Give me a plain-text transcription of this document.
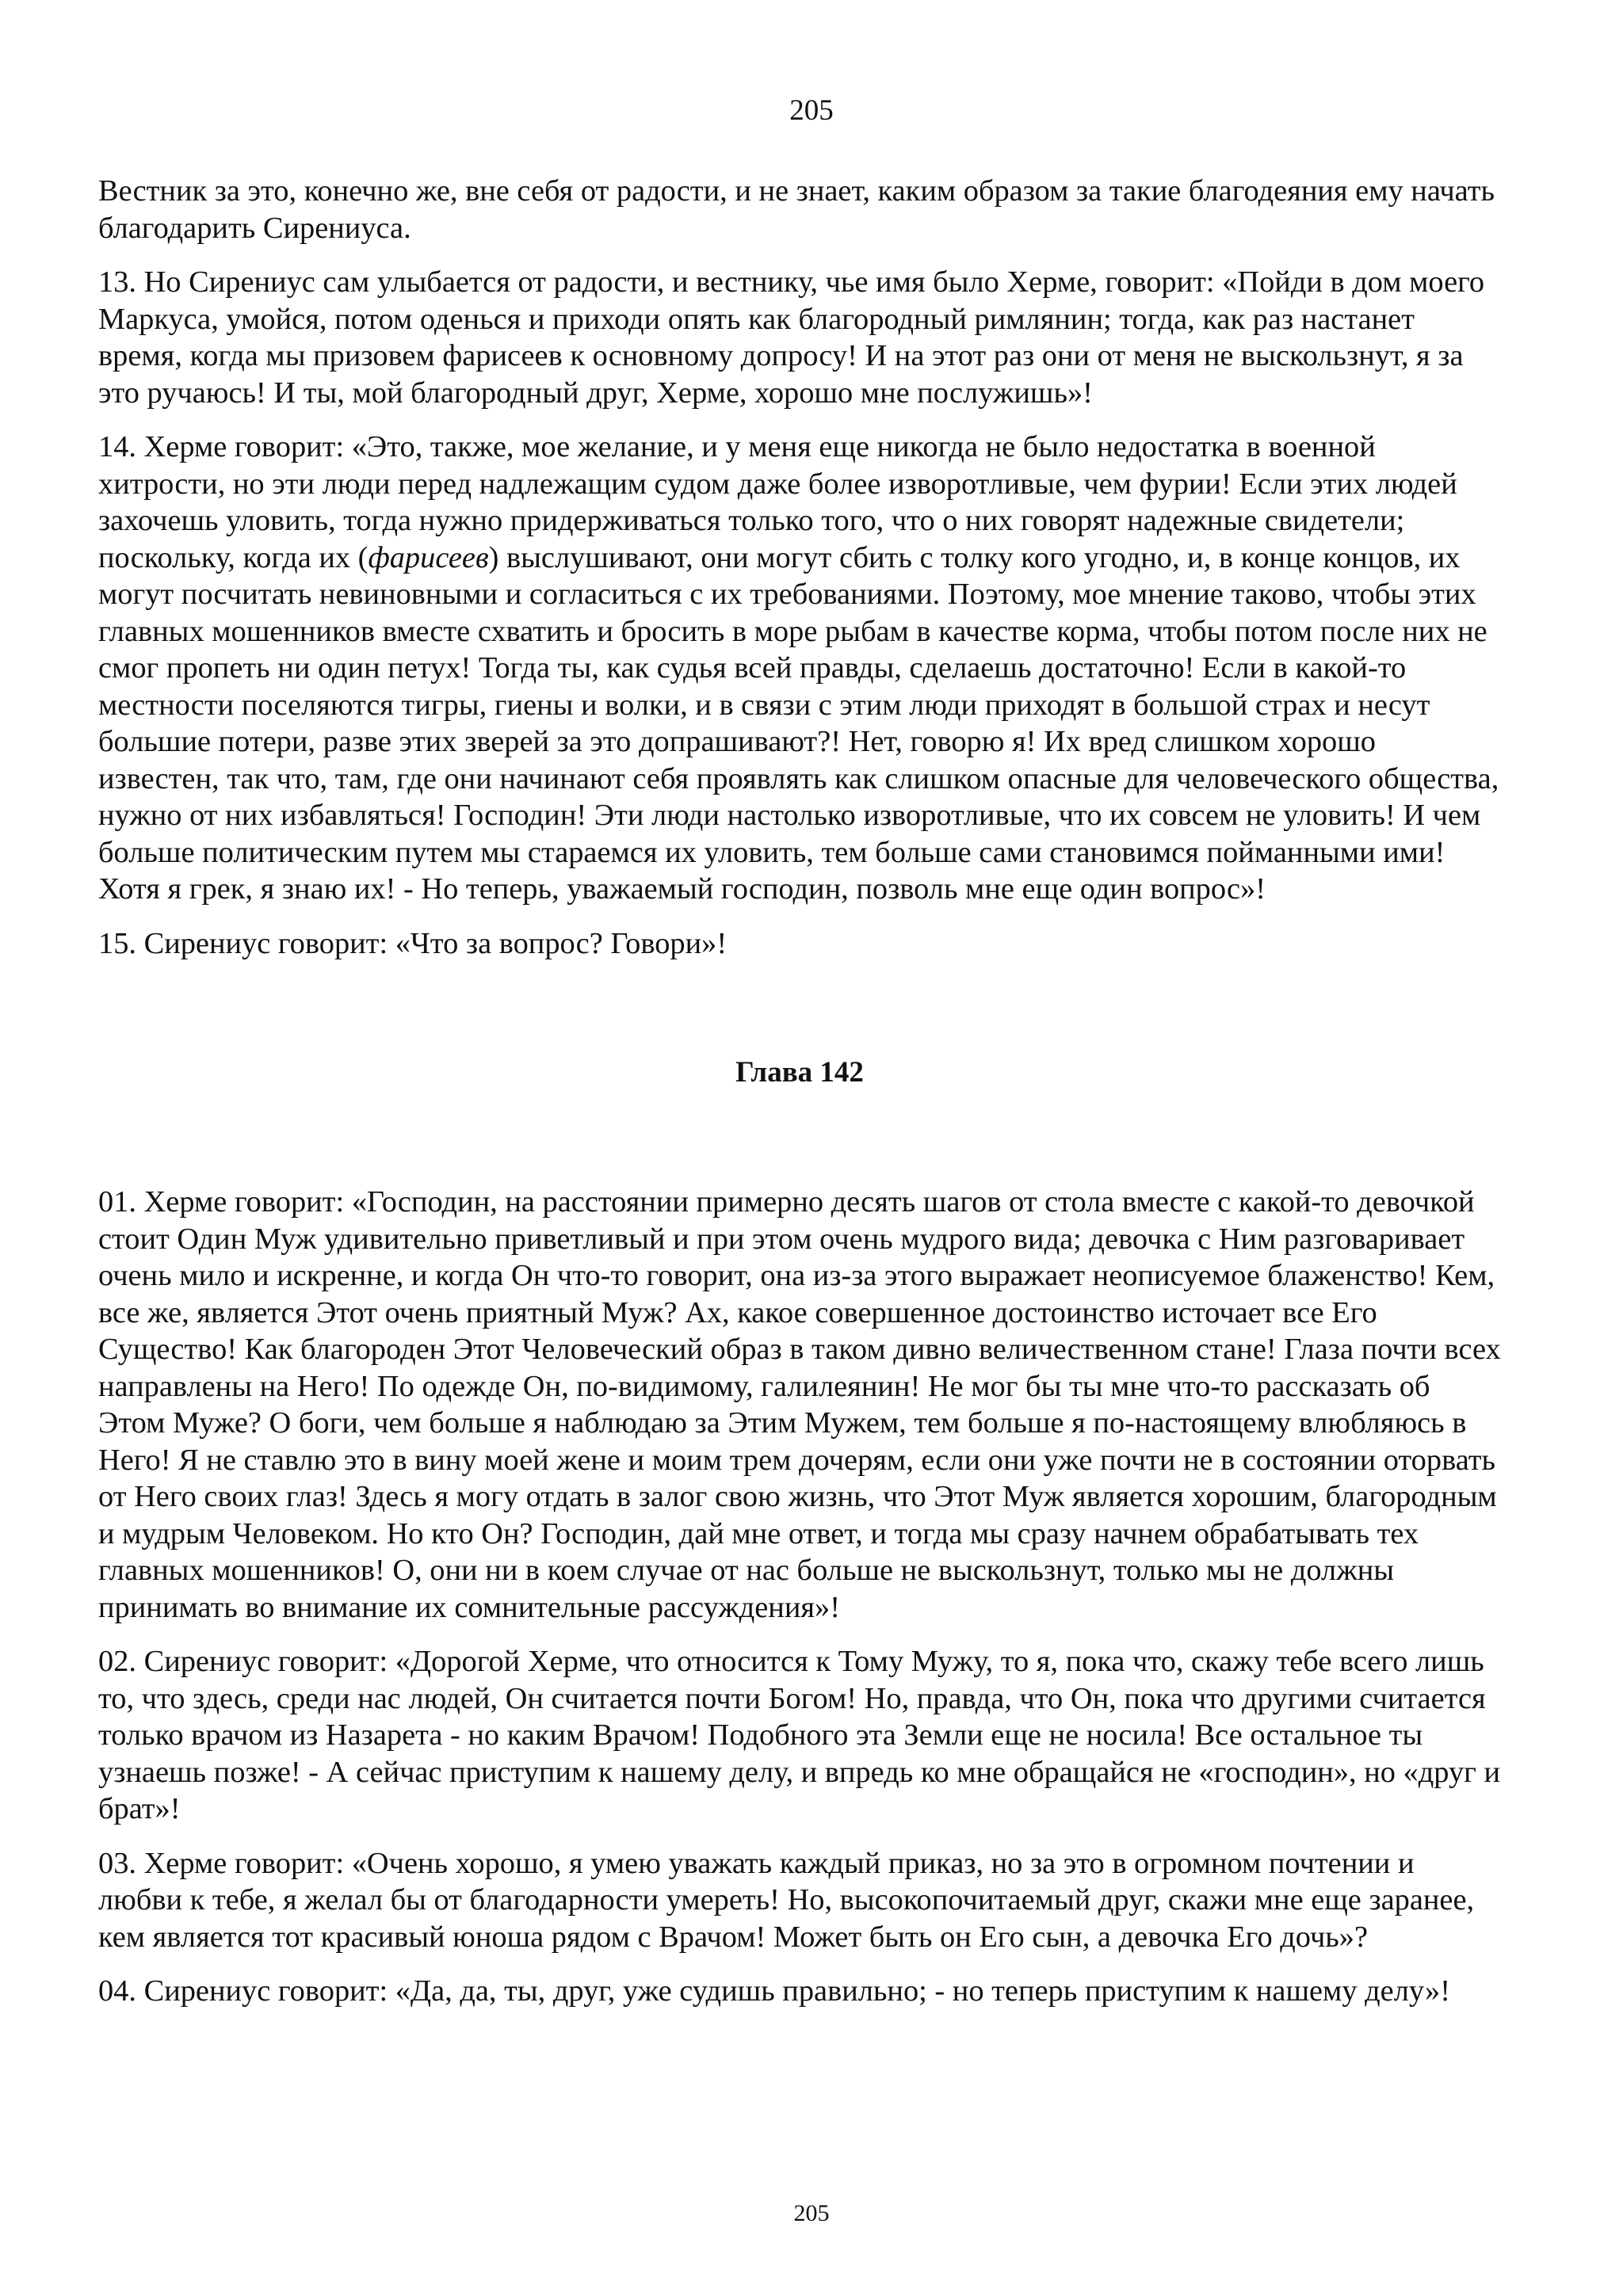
205

Вестник за это, конечно же, вне себя от радости, и не знает, каким образом за такие благодеяния ему начать благодарить Сирениуса.

13. Но Сирениус сам улыбается от радости, и вестнику, чье имя было Херме, говорит: «Пойди в дом моего Маркуса, умойся, потом оденься и приходи опять как благородный римлянин; тогда, как раз настанет время, когда мы призовем фарисеев к основному допросу! И на этот раз они от меня не выскользнут, я за это ручаюсь! И ты, мой благородный друг, Херме, хорошо мне послужишь»!

14. Херме говорит: «Это, также, мое желание, и у меня еще никогда не было недостатка в военной хитрости, но эти люди перед надлежащим судом даже более изворотливые, чем фурии! Если этих людей захочешь уловить, тогда нужно придерживаться только того, что о них говорят надежные свидетели; поскольку, когда их (фарисеев) выслушивают, они могут сбить с толку кого угодно, и, в конце концов, их могут посчитать невиновными и согласиться с их требованиями. Поэтому, мое мнение таково, чтобы этих главных мошенников вместе схватить и бросить в море рыбам в качестве корма, чтобы потом после них не смог пропеть ни один петух! Тогда ты, как судья всей правды, сделаешь достаточно! Если в какой-то местности поселяются тигры, гиены и волки, и в связи с этим люди приходят в большой страх и несут большие потери, разве этих зверей за это допрашивают?! Нет, говорю я! Их вред слишком хорошо известен, так что, там, где они начинают себя проявлять как слишком опасные для человеческого общества, нужно от них избавляться! Господин! Эти люди настолько изворотливые, что их совсем не уловить! И чем больше политическим путем мы стараемся их уловить, тем больше сами становимся пойманными ими! Хотя я грек, я знаю их! - Но теперь, уважаемый господин, позволь мне еще один вопрос»!

15. Сирениус говорит: «Что за вопрос? Говори»!

Глава 142

01. Херме говорит: «Господин, на расстоянии примерно десять шагов от стола вместе с какой-то девочкой стоит Один Муж удивительно приветливый и при этом очень мудрого вида; девочка с Ним разговаривает очень мило и искренне, и когда Он что-то говорит, она из-за этого выражает неописуемое блаженство! Кем, все же, является Этот очень приятный Муж? Ах, какое совершенное достоинство источает все Его Существо! Как благороден Этот Человеческий образ в таком дивно величественном стане! Глаза почти всех направлены на Него! По одежде Он, по-видимому, галилеянин! Не мог бы ты мне что-то рассказать об Этом Муже? О боги, чем больше я наблюдаю за Этим Мужем, тем больше я по-настоящему влюбляюсь в Него! Я не ставлю это в вину моей жене и моим трем дочерям, если они уже почти не в состоянии оторвать от Него своих глаз! Здесь я могу отдать в залог свою жизнь, что Этот Муж является хорошим, благородным и мудрым Человеком. Но кто Он? Господин, дай мне ответ, и тогда мы сразу начнем обрабатывать тех главных мошенников! О, они ни в коем случае от нас больше не выскользнут, только мы не должны принимать во внимание их сомнительные рассуждения»!

02. Сирениус говорит: «Дорогой Херме, что относится к Тому Мужу, то я, пока что, скажу тебе всего лишь то, что здесь, среди нас людей, Он считается почти Богом! Но, правда, что Он, пока что другими считается только врачом из Назарета - но каким Врачом! Подобного эта Земли еще не носила! Все остальное ты узнаешь позже! - А сейчас приступим к нашему делу, и впредь ко мне обращайся не «господин», но «друг и брат»!

03. Херме говорит: «Очень хорошо, я умею уважать каждый приказ, но за это в огромном почтении и любви к тебе, я желал бы от благодарности умереть! Но, высокопочитаемый друг, скажи мне еще заранее, кем является тот красивый юноша рядом с Врачом! Может быть он Его сын, а девочка Его дочь»?

04. Сирениус говорит: «Да, да, ты, друг, уже судишь правильно; - но теперь приступим к нашему делу»!

205
